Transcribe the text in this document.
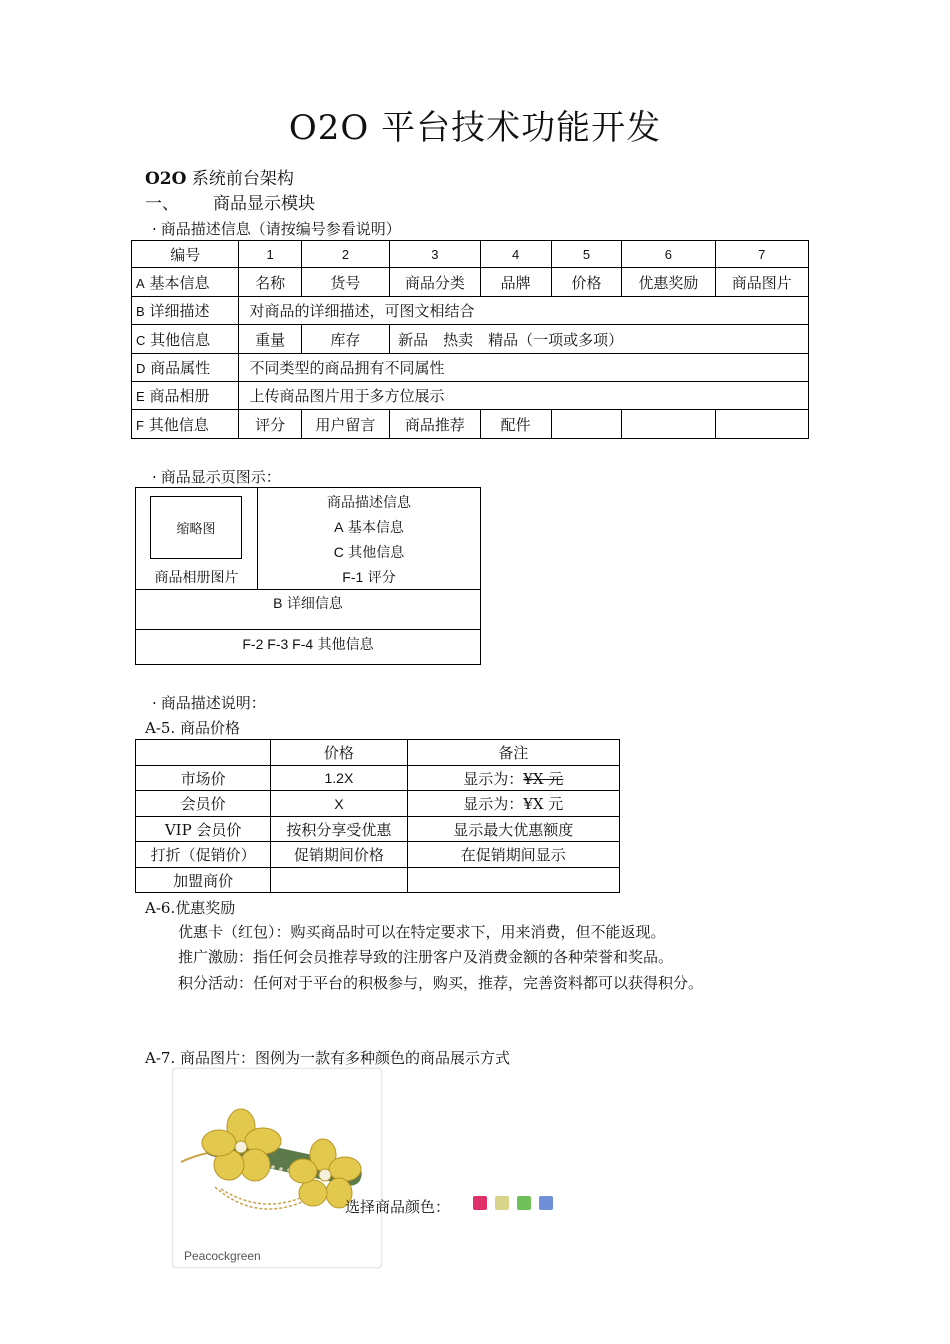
O2O 平台技术功能开发
O2O 系统前台架构
一、 商品显示模块
· 商品描述信息（请按编号参看说明）
编号	1	2	3	4	5	6	7
A 基本信息	名称	货号	商品分类	品牌	价格	优惠奖励	商品图片
B 详细描述	对商品的详细描述，可图文相结合						
C 其他信息	重量	库存	新品　热卖　精品（一项或多项）				
D 商品属性	不同类型的商品拥有不同属性						
E 商品相册	上传商品图片用于多方位展示						
F 其他信息	评分	用户留言	商品推荐	配件			
· 商品显示页图示：
缩略图
商品相册图片
商品描述信息
A 基本信息
C 其他信息
F-1 评分
B 详细信息
F-2 F-3 F-4 其他信息
· 商品描述说明：
A-5. 商品价格
	价格	备注
市场价	1.2X	显示为：¥X 元
会员价	X	显示为：¥X 元
VIP 会员价	按积分享受优惠	显示最大优惠额度
打折（促销价）	促销期间价格	在促销期间显示
加盟商价		
A-6.优惠奖励
优惠卡（红包）：购买商品时可以在特定要求下，用来消费，但不能返现。
推广激励：指任何会员推荐导致的注册客户及消费金额的各种荣誉和奖品。
积分活动：任何对于平台的积极参与，购买，推荐，完善资料都可以获得积分。
A-7. 商品图片：图例为一款有多种颜色的商品展示方式
Peacockgreen
选择商品颜色：
